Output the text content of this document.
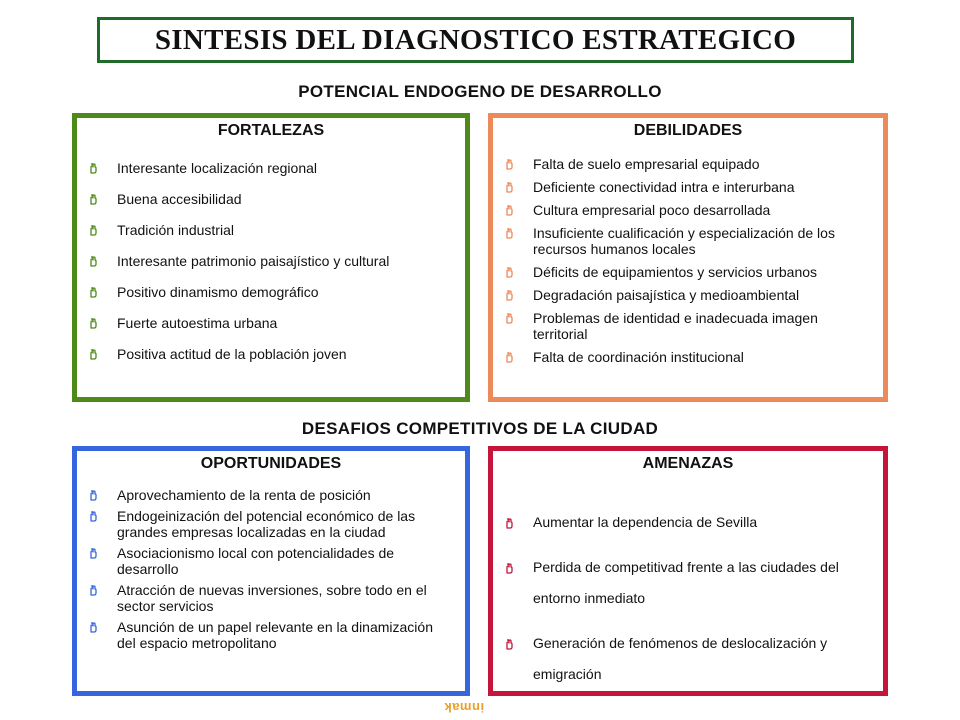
SINTESIS DEL DIAGNOSTICO ESTRATEGICO
POTENCIAL ENDOGENO DE DESARROLLO
FORTALEZAS
Interesante localización regional
Buena accesibilidad
Tradición industrial
Interesante patrimonio paisajístico y cultural
Positivo dinamismo demográfico
Fuerte autoestima urbana
Positiva actitud de la población joven
DEBILIDADES
Falta de suelo empresarial equipado
Deficiente conectividad intra e interurbana
Cultura empresarial poco desarrollada
Insuficiente cualificación y especialización de los recursos humanos locales
Déficits de equipamientos y servicios urbanos
Degradación paisajística y medioambiental
Problemas de identidad e inadecuada imagen territorial
Falta de coordinación institucional
DESAFIOS COMPETITIVOS DE LA CIUDAD
OPORTUNIDADES
Aprovechamiento de la renta de posición
Endogeinización del potencial económico de las grandes empresas localizadas en la ciudad
Asociacionismo local con potencialidades de desarrollo
Atracción de nuevas inversiones, sobre todo en el sector servicios
Asunción de un papel relevante en la dinamización del espacio metropolitano
AMENAZAS
Aumentar la dependencia de Sevilla
Perdida de competitivad frente a las ciudades del entorno inmediato
Generación de fenómenos de deslocalización y emigración
inmak
